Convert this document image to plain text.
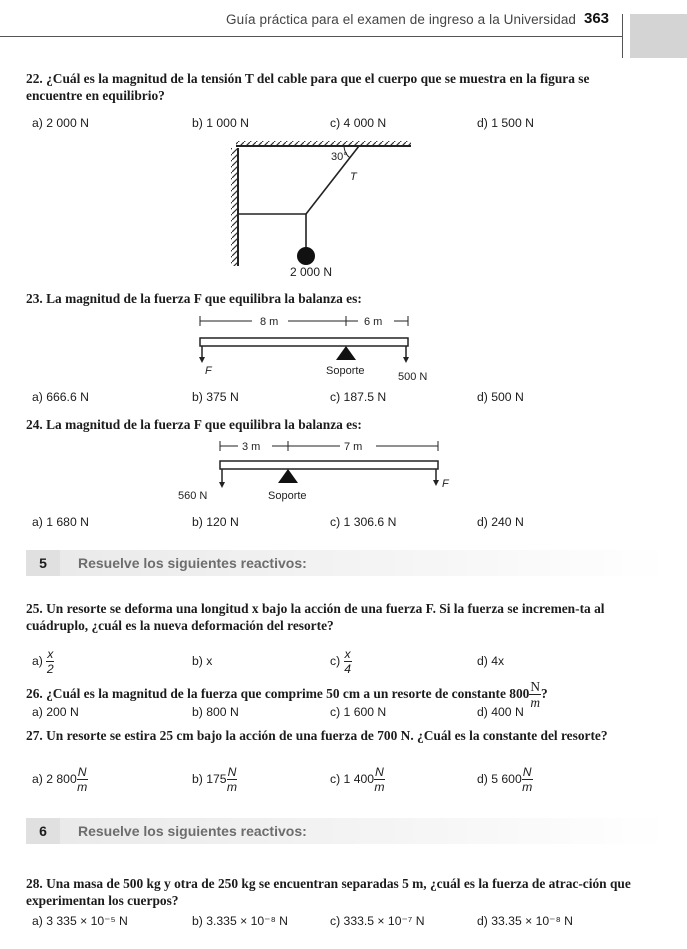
Guía práctica para el examen de ingreso a la Universidad 363
22. ¿Cuál es la magnitud de la tensión T del cable para que el cuerpo que se muestra en la figura se encuentre en equilibrio?
a) 2 000 N	b) 1 000 N	c) 4 000 N	d) 1 500 N
30°
T
2 000 N
23. La magnitud de la fuerza F que equilibra la balanza es:
8 m	6 m
F	Soporte	500 N
a) 666.6 N	b) 375 N	c) 187.5 N	d) 500 N
24. La magnitud de la fuerza F que equilibra la balanza es:
3 m	7 m
560 N	Soporte
F
a) 1 680 N	b) 120 N	c) 1 306.6 N	d) 240 N
5	Resuelve los siguientes reactivos:
25. Un resorte se deforma una longitud x bajo la acción de una fuerza F. Si la fuerza se incremen-ta al cuádruplo, ¿cuál es la nueva deformación del resorte?
$a) \frac{x}{2}$	b) x	$c) \frac{x}{4}$	d) 4x
26. ¿Cuál es la magnitud de la fuerza que comprime 50 cm a un resorte de constante $800 \frac{N}{m}$ ?
a) 200 N	b) 800 N	c) 1 600 N	d) 400 N
27. Un resorte se estira 25 cm bajo la acción de una fuerza de 700 N. ¿Cuál es la constante del resorte?
a) 2 $800 \frac{N}{m}$	b) $175 \frac{N}{m}$	c) 1 $400 \frac{N}{m}$	d) 5 $600 \frac{N}{m}$
6	Resuelve los siguientes reactivos:
28. Una masa de 500 kg y otra de 250 kg se encuentran separadas 5 m, ¿cuál es la fuerza de atrac-ción que experimentan los cuerpos?
a) 3 335 × 10⁻⁵ N	b) 3.335 × 10⁻⁸ N	c) 333.5 × 10⁻⁷ N	d) 33.35 × 10⁻⁸ N
